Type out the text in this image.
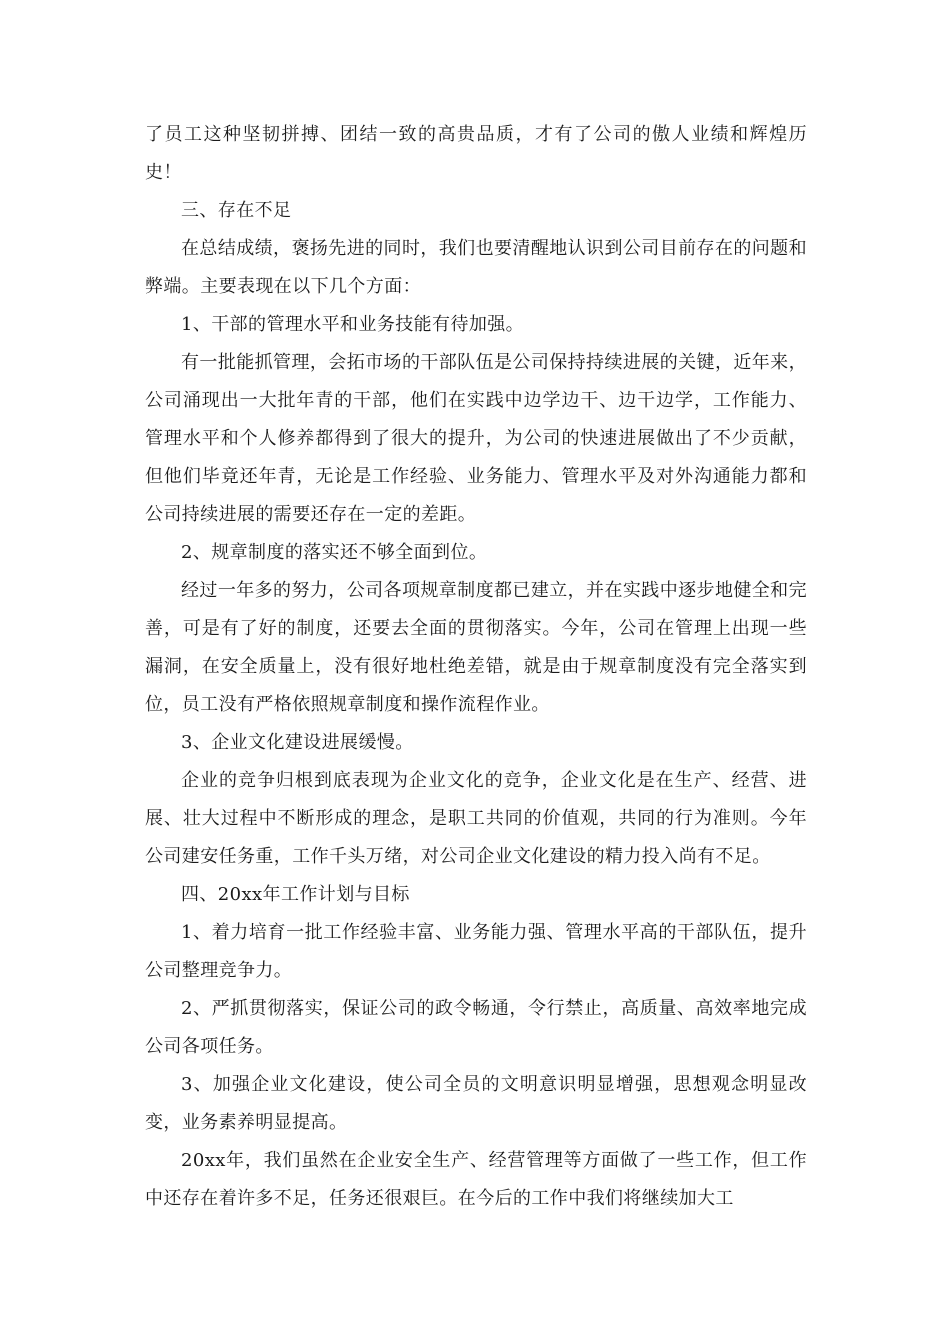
了员工这种坚韧拼搏、团结一致的高贵品质，才有了公司的傲人业绩和辉煌历史！

三、存在不足

在总结成绩，褒扬先进的同时，我们也要清醒地认识到公司目前存在的问题和弊端。主要表现在以下几个方面：

1、干部的管理水平和业务技能有待加强。

有一批能抓管理，会拓市场的干部队伍是公司保持持续进展的关键，近年来，公司涌现出一大批年青的干部，他们在实践中边学边干、边干边学，工作能力、管理水平和个人修养都得到了很大的提升，为公司的快速进展做出了不少贡献，但他们毕竟还年青，无论是工作经验、业务能力、管理水平及对外沟通能力都和公司持续进展的需要还存在一定的差距。

2、规章制度的落实还不够全面到位。

经过一年多的努力，公司各项规章制度都已建立，并在实践中逐步地健全和完善，可是有了好的制度，还要去全面的贯彻落实。今年，公司在管理上出现一些漏洞，在安全质量上，没有很好地杜绝差错，就是由于规章制度没有完全落实到位，员工没有严格依照规章制度和操作流程作业。

3、企业文化建设进展缓慢。

企业的竞争归根到底表现为企业文化的竞争，企业文化是在生产、经营、进展、壮大过程中不断形成的理念，是职工共同的价值观，共同的行为准则。今年公司建安任务重，工作千头万绪，对公司企业文化建设的精力投入尚有不足。

四、20xx年工作计划与目标

1、着力培育一批工作经验丰富、业务能力强、管理水平高的干部队伍，提升公司整理竞争力。

2、严抓贯彻落实，保证公司的政令畅通，令行禁止，高质量、高效率地完成公司各项任务。

3、加强企业文化建设，使公司全员的文明意识明显增强，思想观念明显改变，业务素养明显提高。

20xx年，我们虽然在企业安全生产、经营管理等方面做了一些工作，但工作中还存在着许多不足，任务还很艰巨。在今后的工作中我们将继续加大工
